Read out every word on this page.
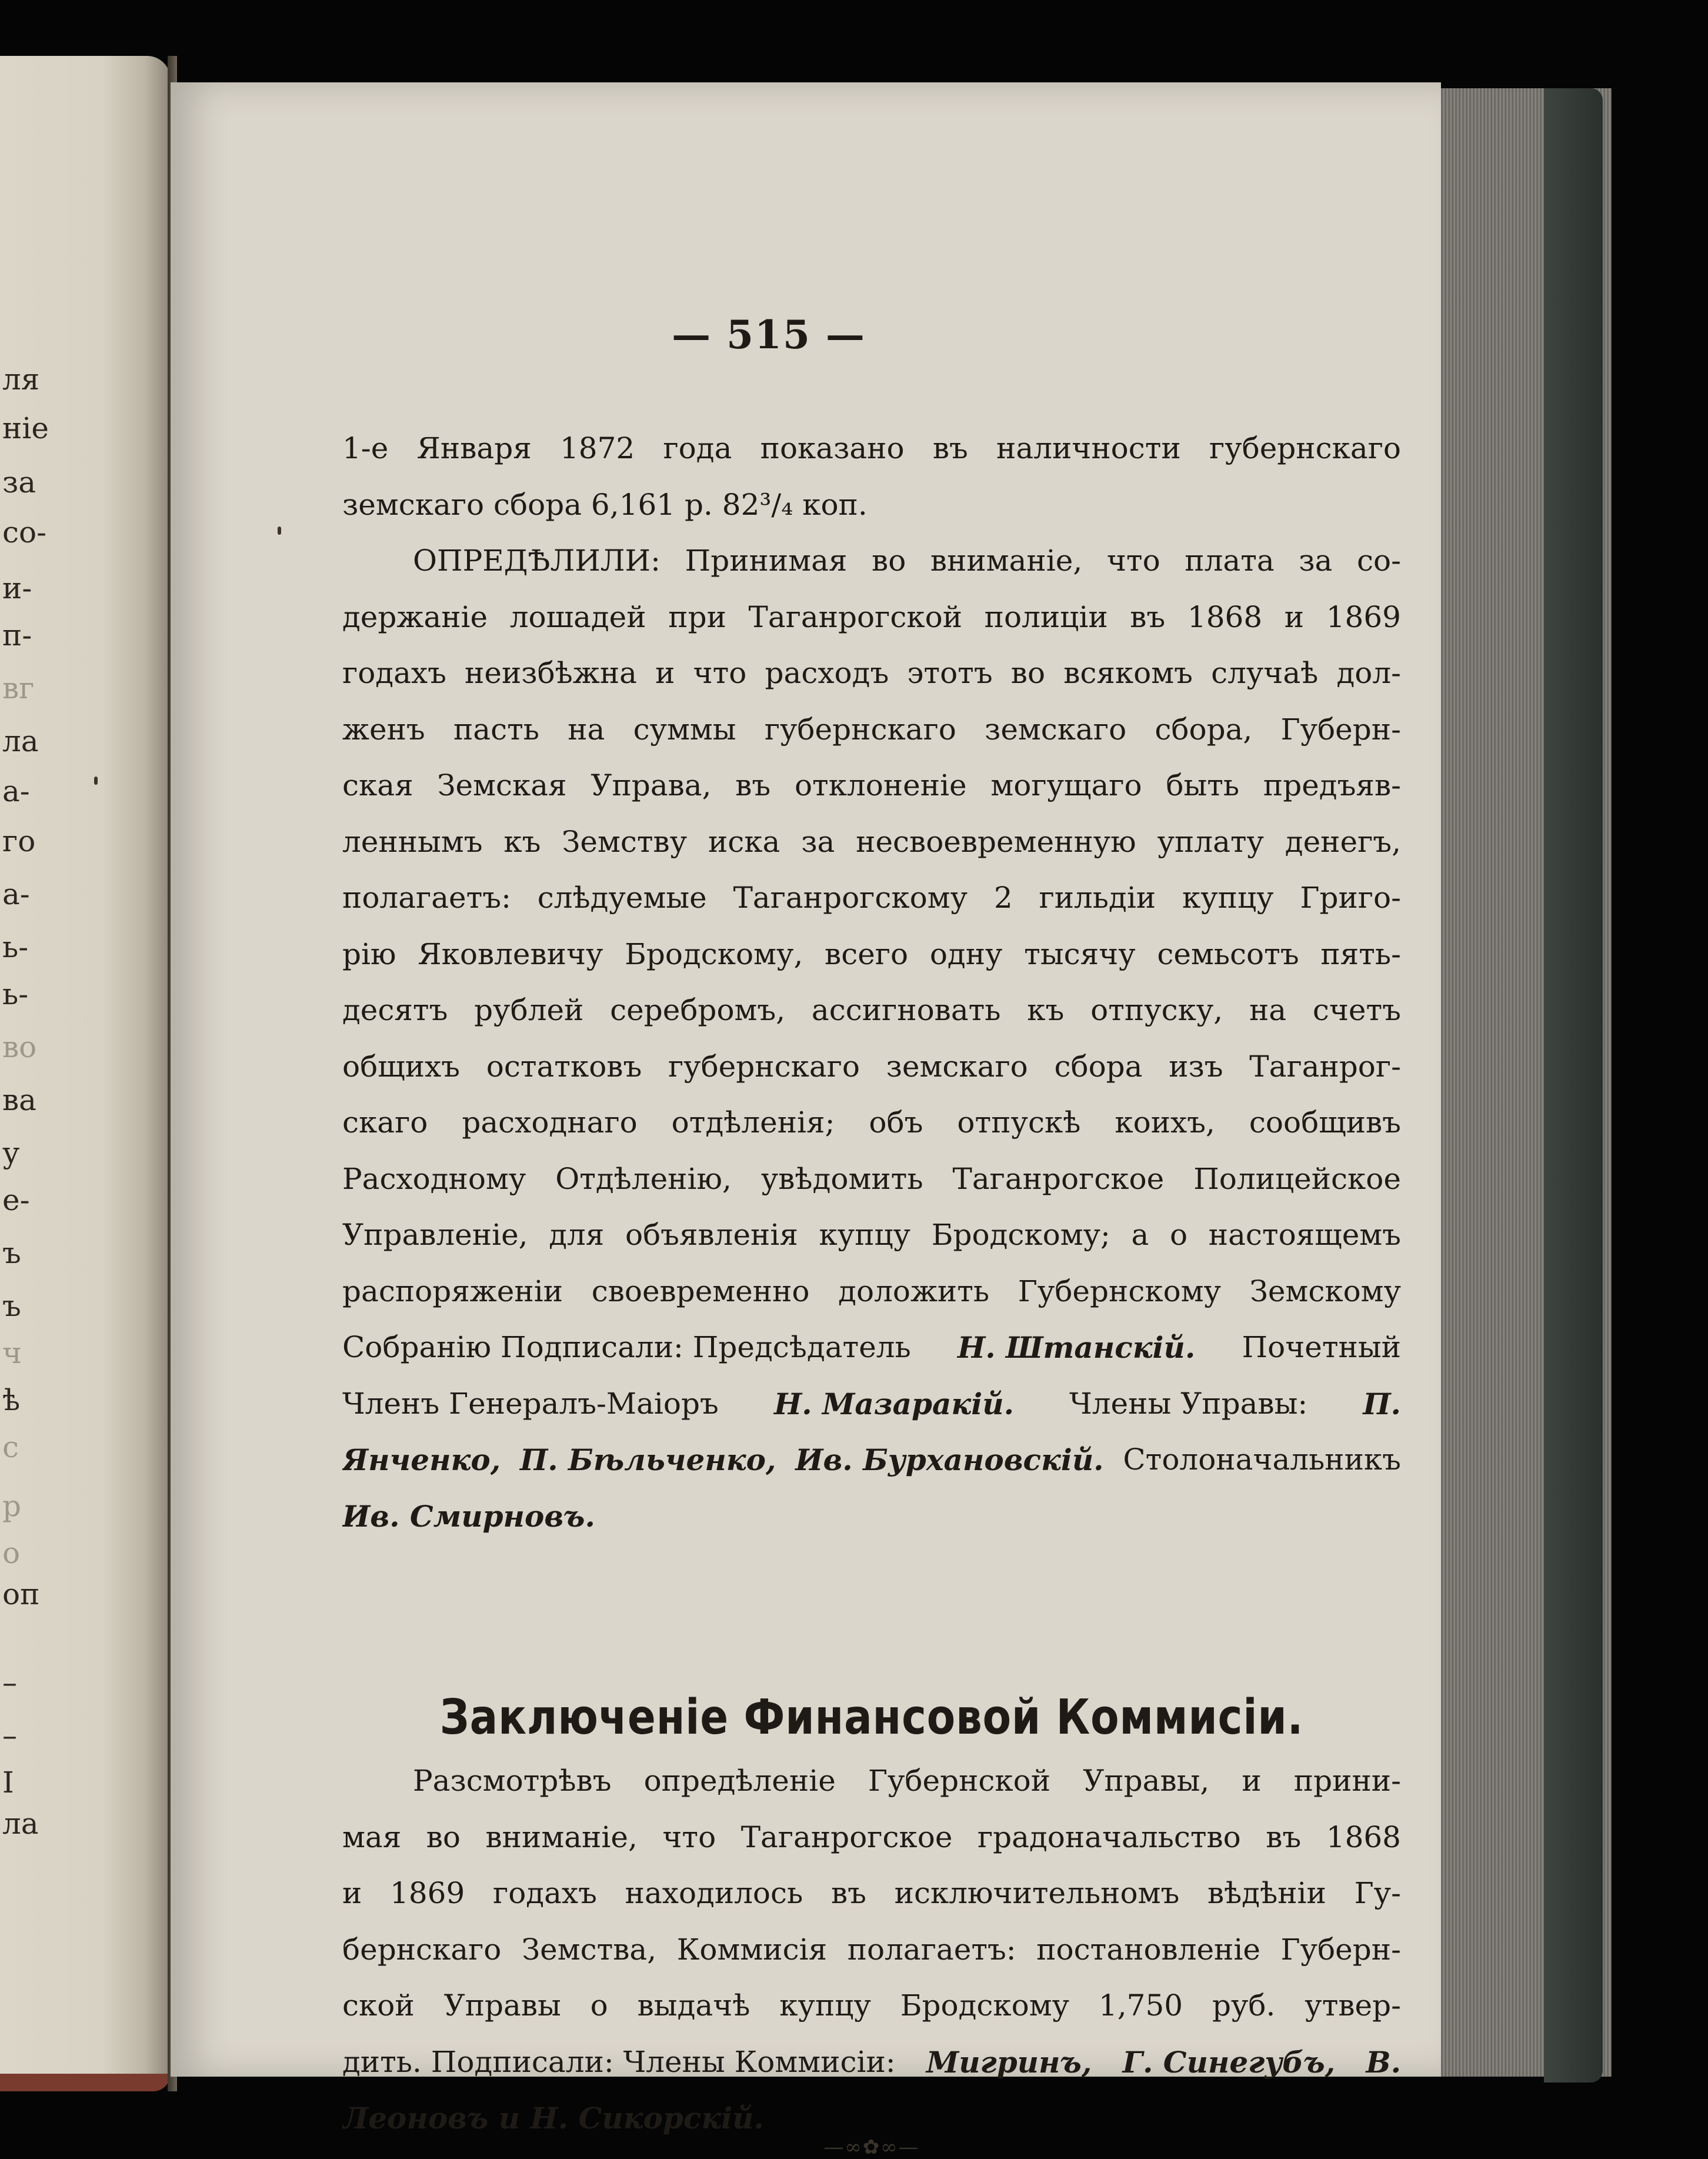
ля
ніе
за
со-
и-
п-
вг
ла
а-
го
а-
ь-
ь-
во
ва
у
е-
ъ
ъ
ч
ѣ
с
р
о
оп
–
–
I
ла
— 515 —
1-е Января 1872 года показано въ наличности губернскаго
земскаго сбора 6,161 р. 82³/₄ коп.
ОПРЕДѢЛИЛИ: Принимая во вниманіе, что плата за со-
держаніе лошадей при Таганрогской полиціи въ 1868 и 1869
годахъ неизбѣжна и что расходъ этотъ во всякомъ случаѣ дол-
женъ пасть на суммы губернскаго земскаго сбора, Губерн-
ская Земская Управа, въ отклоненіе могущаго быть предъяв-
леннымъ къ Земству иска за несвоевременную уплату денегъ,
полагаетъ: слѣдуемые Таганрогскому 2 гильдіи купцу Григо-
рію Яковлевичу Бродскому, всего одну тысячу семьсотъ пять-
десятъ рублей серебромъ, ассигновать къ отпуску, на счетъ
общихъ остатковъ губернскаго земскаго сбора изъ Таганрог-
скаго расходнаго отдѣленія; объ отпускѣ коихъ, сообщивъ
Расходному Отдѣленію, увѣдомить Таганрогское Полицейское
Управленіе, для объявленія купцу Бродскому; а о настоящемъ
распоряженіи своевременно доложить Губернскому Земскому
Собранію Подписали: Предсѣдатель Н. Штанскій. Почетный
Членъ Генералъ-Маіоръ Н. Мазаракій. Члены Управы: П.
Янченко, П. Бѣльченко, Ив. Бурхановскій. Столоначальникъ
Ив. Смирновъ.
Заключеніе Финансовой Коммисіи.
Разсмотрѣвъ опредѣленіе Губернской Управы, и прини-
мая во вниманіе, что Таганрогское градоначальство въ 1868
и 1869 годахъ находилось въ исключительномъ вѣдѣніи Гу-
бернскаго Земства, Коммисія полагаетъ: постановленіе Губерн-
ской Управы о выдачѣ купцу Бродскому 1,750 руб. утвер-
дить. Подписали: Члены Коммисіи: Мигринъ, Г. Синегубъ, В.
Леоновъ и Н. Сикорскій.
—∞✿∞—
